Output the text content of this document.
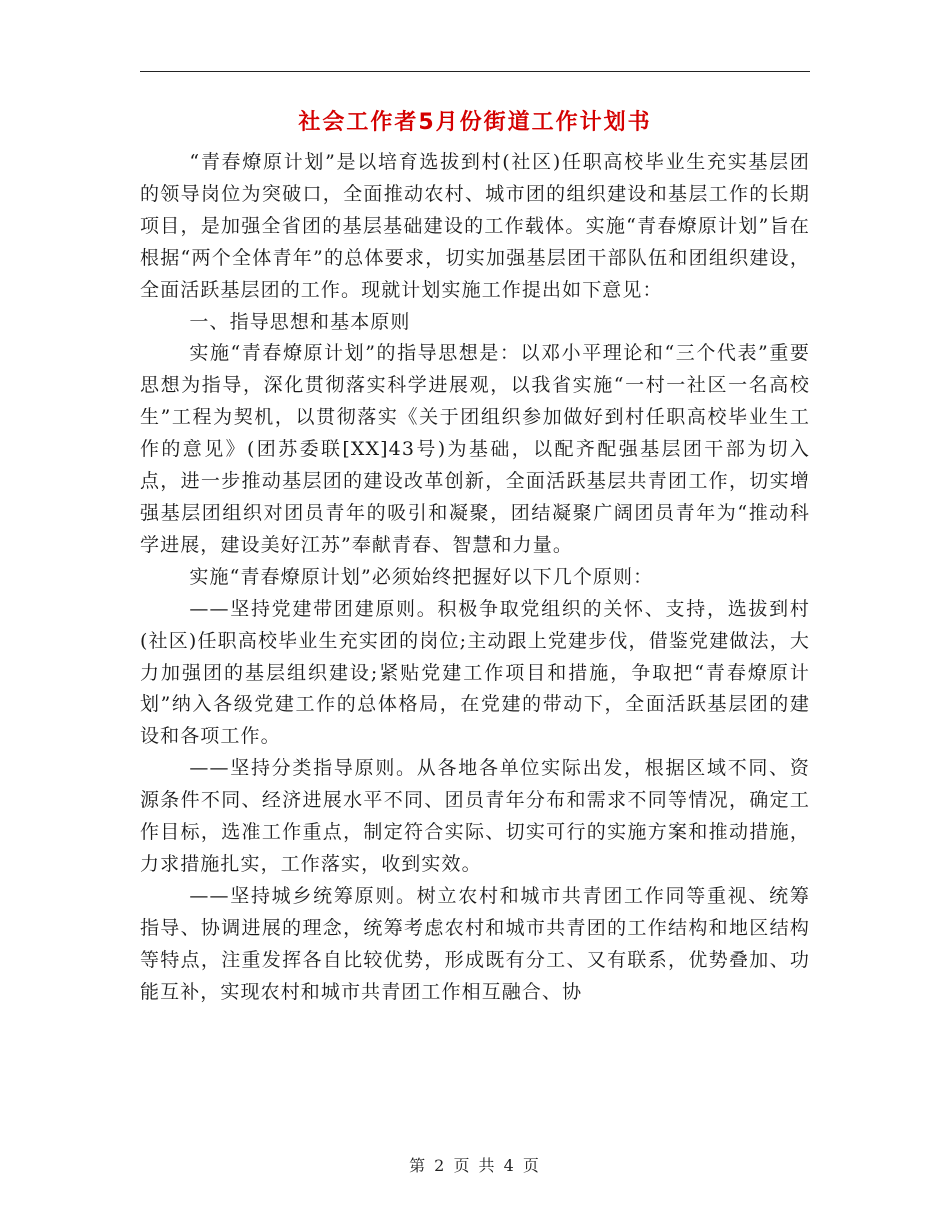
社会工作者5月份街道工作计划书

“青春燎原计划”是以培育选拔到村(社区)任职高校毕业生充实基层团的领导岗位为突破口，全面推动农村、城市团的组织建设和基层工作的长期项目，是加强全省团的基层基础建设的工作载体。实施“青春燎原计划”旨在根据“两个全体青年”的总体要求，切实加强基层团干部队伍和团组织建设，全面活跃基层团的工作。现就计划实施工作提出如下意见：

一、指导思想和基本原则

实施“青春燎原计划”的指导思想是：以邓小平理论和“三个代表”重要思想为指导，深化贯彻落实科学进展观，以我省实施“一村一社区一名高校生”工程为契机，以贯彻落实《关于团组织参加做好到村任职高校毕业生工作的意见》(团苏委联[XX]43号)为基础，以配齐配强基层团干部为切入点，进一步推动基层团的建设改革创新，全面活跃基层共青团工作，切实增强基层团组织对团员青年的吸引和凝聚，团结凝聚广阔团员青年为“推动科学进展，建设美好江苏”奉献青春、智慧和力量。

实施“青春燎原计划”必须始终把握好以下几个原则：

——坚持党建带团建原则。积极争取党组织的关怀、支持，选拔到村(社区)任职高校毕业生充实团的岗位;主动跟上党建步伐，借鉴党建做法，大力加强团的基层组织建设;紧贴党建工作项目和措施，争取把“青春燎原计划”纳入各级党建工作的总体格局，在党建的带动下，全面活跃基层团的建设和各项工作。

——坚持分类指导原则。从各地各单位实际出发，根据区域不同、资源条件不同、经济进展水平不同、团员青年分布和需求不同等情况，确定工作目标，选准工作重点，制定符合实际、切实可行的实施方案和推动措施，力求措施扎实，工作落实，收到实效。

——坚持城乡统筹原则。树立农村和城市共青团工作同等重视、统筹指导、协调进展的理念，统筹考虑农村和城市共青团的工作结构和地区结构等特点，注重发挥各自比较优势，形成既有分工、又有联系，优势叠加、功能互补，实现农村和城市共青团工作相互融合、协

第 2 页 共 4 页
